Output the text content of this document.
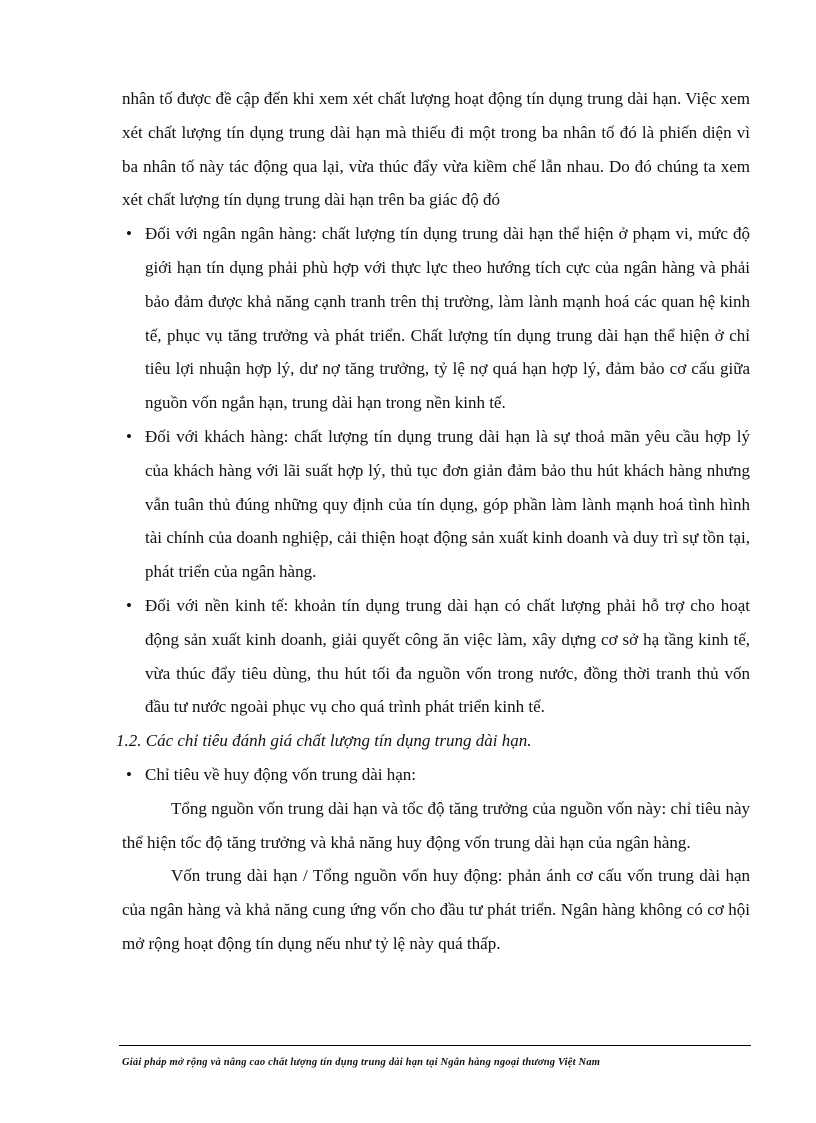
nhân tố được đề cập đến khi xem xét chất lượng hoạt động tín dụng trung dài hạn. Việc xem xét chất lượng tín dụng trung dài hạn mà thiếu đi một trong ba nhân tố đó là phiến diện vì ba nhân tố này tác động qua lại, vừa thúc đẩy vừa kiềm chế lẫn nhau. Do đó chúng ta xem xét chất lượng tín dụng trung dài hạn trên ba giác độ đó

• Đối với ngân ngân hàng: chất lượng tín dụng trung dài hạn thể hiện ở phạm vi, mức độ giới hạn tín dụng phải phù hợp với thực lực theo hướng tích cực của ngân hàng và phải bảo đảm được khả năng cạnh tranh trên thị trường, làm lành mạnh hoá các quan hệ kinh tế, phục vụ tăng trưởng và phát triển. Chất lượng tín dụng trung dài hạn thể hiện ở chỉ tiêu lợi nhuận hợp lý, dư nợ tăng trưởng, tỷ lệ nợ quá hạn hợp lý, đảm bảo cơ cấu giữa nguồn vốn ngắn hạn, trung dài hạn trong nền kinh tế.

• Đối với khách hàng: chất lượng tín dụng trung dài hạn là sự thoả mãn yêu cầu hợp lý của khách hàng với lãi suất hợp lý, thủ tục đơn giản đảm bảo thu hút khách hàng nhưng vẫn tuân thủ đúng những quy định của tín dụng, góp phần làm lành mạnh hoá tình hình tài chính của doanh nghiệp, cải thiện hoạt động sản xuất kinh doanh và duy trì sự tồn tại, phát triển của ngân hàng.

• Đối với nền kinh tế: khoản tín dụng trung dài hạn có chất lượng phải hỗ trợ cho hoạt động sản xuất kinh doanh, giải quyết công ăn việc làm, xây dựng cơ sở hạ tầng kinh tế, vừa thúc đẩy tiêu dùng, thu hút tối đa nguồn vốn trong nước, đồng thời tranh thủ vốn đầu tư nước ngoài phục vụ cho quá trình phát triển kinh tế.

1.2. Các chỉ tiêu đánh giá chất lượng tín dụng trung dài hạn.

• Chỉ tiêu về huy động vốn trung dài hạn:

Tổng nguồn vốn trung dài hạn và tốc độ tăng trưởng của nguồn vốn này: chỉ tiêu này thể hiện tốc độ tăng trưởng và khả năng huy động vốn trung dài hạn của ngân hàng.

Vốn trung dài hạn / Tổng nguồn vốn huy động: phản ánh cơ cấu vốn trung dài hạn của ngân hàng và khả năng cung ứng vốn cho đầu tư phát triển. Ngân hàng không có cơ hội mở rộng hoạt động tín dụng nếu như tỷ lệ này quá thấp.

Giải pháp mở rộng và nâng cao chất lượng tín dụng trung dài hạn tại Ngân hàng ngoại thương Việt Nam
